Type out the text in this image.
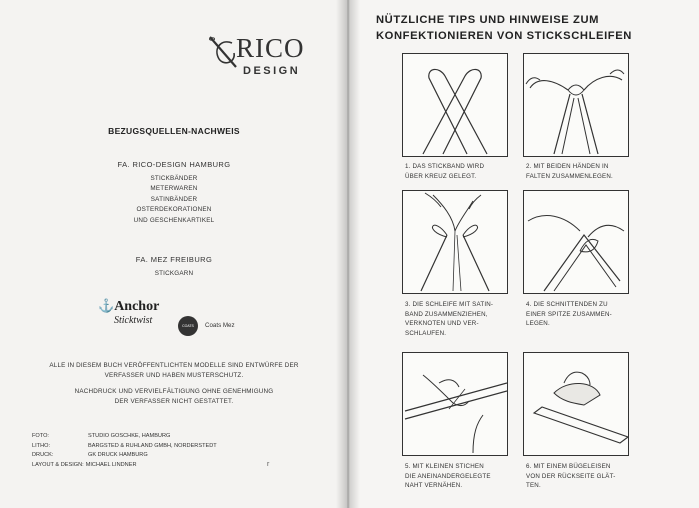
RICO
DESIGN
BEZUGSQUELLEN-NACHWEIS
FA. RICO-DESIGN HAMBURG
STICKBÄNDER
METERWAREN
SATINBÄNDER
OSTERDEKORATIONEN
UND GESCHENKARTIKEL
FA. MEZ FREIBURG
STICKGARN
⚓Anchor
Sticktwist	COATS	Coats Mez
ALLE IN DIESEM BUCH VERÖFFENTLICHTEN MODELLE SIND ENTWÜRFE DER
VERFASSER UND HABEN MUSTERSCHUTZ.
NACHDRUCK UND VERVIELFÄLTIGUNG OHNE GENEHMIGUNG
DER VERFASSER NICHT GESTATTET.
FOTO:	STUDIO GOSCHKE, HAMBURG
LITHO:	BARGSTED & RUHLAND GMBH, NORDERSTEDT
DRUCK:	GK DRUCK HAMBURG
LAYOUT & DESIGN: MICHAEL LINDNER	r
NÜTZLICHE TIPS UND HINWEISE ZUM
KONFEKTIONIEREN VON STICKSCHLEIFEN
1. DAS STICKBAND WIRD
ÜBER KREUZ GELEGT.
2. MIT BEIDEN HÄNDEN IN
FALTEN ZUSAMMENLEGEN.
3. DIE SCHLEIFE MIT SATIN-
BAND ZUSAMMENZIEHEN,
VERKNOTEN UND VER-
SCHLAUFEN.
4. DIE SCHNITTENDEN ZU
EINER SPITZE ZUSAMMEN-
LEGEN.
5. MIT KLEINEN STICHEN
DIE ANEINANDERGELEGTE
NAHT VERNÄHEN.
6. MIT EINEM BÜGELEISEN
VON DER RÜCKSEITE GLÄT-
TEN.
